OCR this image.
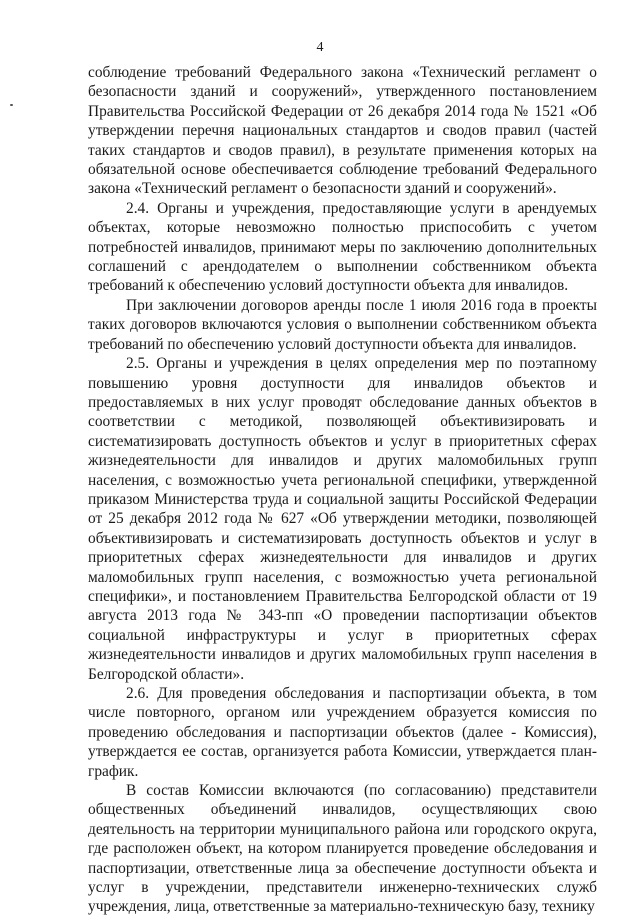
4

соблюдение требований Федерального закона «Технический регламент о безопасности зданий и сооружений», утвержденного постановлением Правительства Российской Федерации от 26 декабря 2014 года № 1521 «Об утверждении перечня национальных стандартов и сводов правил (частей таких стандартов и сводов правил), в результате применения которых на обязательной основе обеспечивается соблюдение требований Федерального закона «Технический регламент о безопасности зданий и сооружений».

2.4. Органы и учреждения, предоставляющие услуги в арендуемых объектах, которые невозможно полностью приспособить с учетом потребностей инвалидов, принимают меры по заключению дополнительных соглашений с арендодателем о выполнении собственником объекта требований к обеспечению условий доступности объекта для инвалидов.

При заключении договоров аренды после 1 июля 2016 года в проекты таких договоров включаются условия о выполнении собственником объекта требований по обеспечению условий доступности объекта для инвалидов.

2.5. Органы и учреждения в целях определения мер по поэтапному повышению уровня доступности для инвалидов объектов и предоставляемых в них услуг проводят обследование данных объектов в соответствии с методикой, позволяющей объективизировать и систематизировать доступность объектов и услуг в приоритетных сферах жизнедеятельности для инвалидов и других маломобильных групп населения, с возможностью учета региональной специфики, утвержденной приказом Министерства труда и социальной защиты Российской Федерации от 25 декабря 2012 года № 627 «Об утверждении методики, позволяющей объективизировать и систематизировать доступность объектов и услуг в приоритетных сферах жизнедеятельности для инвалидов и других маломобильных групп населения, с возможностью учета региональной специфики», и постановлением Правительства Белгородской области от 19 августа 2013 года № 343-пп «О проведении паспортизации объектов социальной инфраструктуры и услуг в приоритетных сферах жизнедеятельности инвалидов и других маломобильных групп населения в Белгородской области».

2.6. Для проведения обследования и паспортизации объекта, в том числе повторного, органом или учреждением образуется комиссия по проведению обследования и паспортизации объектов (далее - Комиссия), утверждается ее состав, организуется работа Комиссии, утверждается план-график.

В состав Комиссии включаются (по согласованию) представители общественных объединений инвалидов, осуществляющих свою деятельность на территории муниципального района или городского округа, где расположен объект, на котором планируется проведение обследования и паспортизации, ответственные лица за обеспечение доступности объекта и услуг в учреждении, представители инженерно-технических служб учреждения, лица, ответственные за материально-техническую базу, технику
